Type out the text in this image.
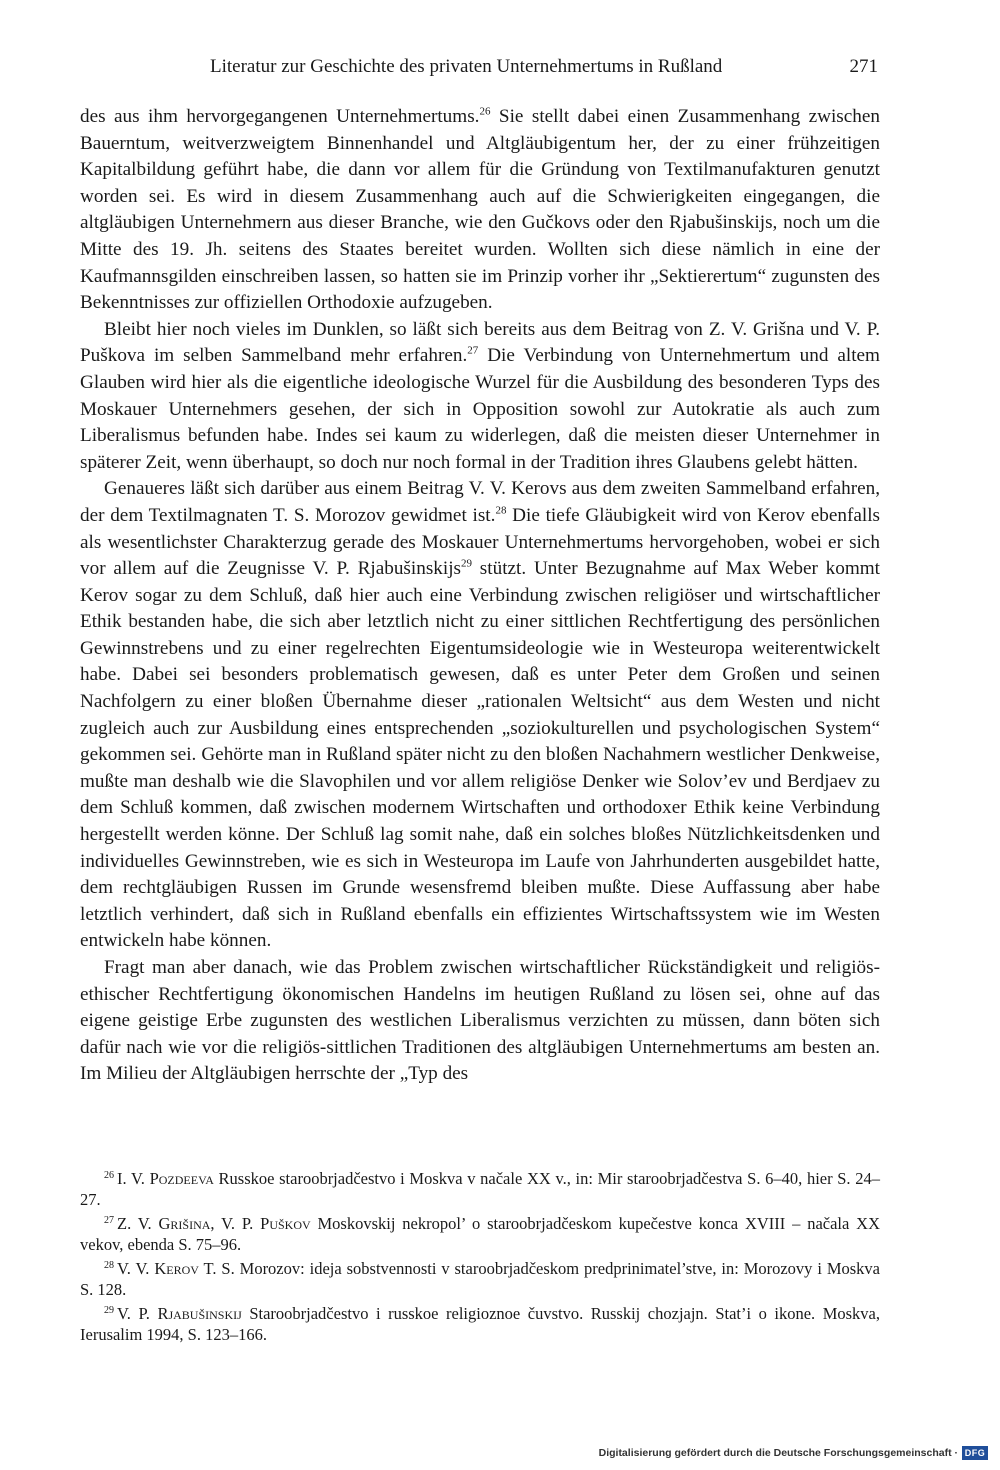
Literatur zur Geschichte des privaten Unternehmertums in Rußland	271

des aus ihm hervorgegangenen Unternehmertums.$^{26}$ Sie stellt dabei einen Zusammenhang zwischen Bauerntum, weitverzweigtem Binnenhandel und Altgläubigentum her, der zu einer frühzeitigen Kapitalbildung geführt habe, die dann vor allem für die Gründung von Textilmanufakturen genutzt worden sei. Es wird in diesem Zusammenhang auch auf die Schwierigkeiten eingegangen, die altgläubigen Unternehmern aus dieser Branche, wie den Gučkovs oder den Rjabušinskijs, noch um die Mitte des 19. Jh. seitens des Staates bereitet wurden. Wollten sich diese nämlich in eine der Kaufmannsgilden einschreiben lassen, so hatten sie im Prinzip vorher ihr „Sektierertum“ zugunsten des Bekenntnisses zur offiziellen Orthodoxie aufzugeben.

Bleibt hier noch vieles im Dunklen, so läßt sich bereits aus dem Beitrag von Z. V. Grišna und V. P. Puškova im selben Sammelband mehr erfahren.$^{27}$ Die Verbindung von Unternehmertum und altem Glauben wird hier als die eigentliche ideologische Wurzel für die Ausbildung des besonderen Typs des Moskauer Unternehmers gesehen, der sich in Opposition sowohl zur Autokratie als auch zum Liberalismus befunden habe. Indes sei kaum zu widerlegen, daß die meisten dieser Unternehmer in späterer Zeit, wenn überhaupt, so doch nur noch formal in der Tradition ihres Glaubens gelebt hätten.

Genaueres läßt sich darüber aus einem Beitrag V. V. Kerovs aus dem zweiten Sammelband erfahren, der dem Textilmagnaten T. S. Morozov gewidmet ist.$^{28}$ Die tiefe Gläubigkeit wird von Kerov ebenfalls als wesentlichster Charakterzug gerade des Moskauer Unternehmertums hervorgehoben, wobei er sich vor allem auf die Zeugnisse V. P. Rjabušinskijs$^{29}$ stützt. Unter Bezugnahme auf Max Weber kommt Kerov sogar zu dem Schluß, daß hier auch eine Verbindung zwischen religiöser und wirtschaftlicher Ethik bestanden habe, die sich aber letztlich nicht zu einer sittlichen Rechtfertigung des persönlichen Gewinnstrebens und zu einer regelrechten Eigentumsideologie wie in Westeuropa weiterentwickelt habe. Dabei sei besonders problematisch gewesen, daß es unter Peter dem Großen und seinen Nachfolgern zu einer bloßen Übernahme dieser „rationalen Weltsicht“ aus dem Westen und nicht zugleich auch zur Ausbildung eines entsprechenden „soziokulturellen und psychologischen System“ gekommen sei. Gehörte man in Rußland später nicht zu den bloßen Nachahmern westlicher Denkweise, mußte man deshalb wie die Slavophilen und vor allem religiöse Denker wie Solov’ev und Berdjaev zu dem Schluß kommen, daß zwischen modernem Wirtschaften und orthodoxer Ethik keine Verbindung hergestellt werden könne. Der Schluß lag somit nahe, daß ein solches bloßes Nützlichkeitsdenken und individuelles Gewinnstreben, wie es sich in Westeuropa im Laufe von Jahrhunderten ausgebildet hatte, dem rechtgläubigen Russen im Grunde wesensfremd bleiben mußte. Diese Auffassung aber habe letztlich verhindert, daß sich in Rußland ebenfalls ein effizientes Wirtschaftssystem wie im Westen entwickeln habe können.

Fragt man aber danach, wie das Problem zwischen wirtschaftlicher Rückständigkeit und religiös-ethischer Rechtfertigung ökonomischen Handelns im heutigen Rußland zu lösen sei, ohne auf das eigene geistige Erbe zugunsten des westlichen Liberalismus verzichten zu müssen, dann böten sich dafür nach wie vor die religiös-sittlichen Traditionen des altgläubigen Unternehmertums am besten an. Im Milieu der Altgläubigen herrschte der „Typ des

$^{26}$ I. V. Pozdeeva Russkoe staroobrjadčestvo i Moskva v načale XX v., in: Mir staroobrjadčestva S. 6–40, hier S. 24–27.

$^{27}$ Z. V. Grišina, V. P. Puškov Moskovskij nekropol’ o staroobrjadčeskom kupečestve konca XVIII – načala XX vekov, ebenda S. 75–96.

$^{28}$ V. V. Kerov T. S. Morozov: ideja sobstvennosti v staroobrjadčeskom predprinimatel’stve, in: Morozovy i Moskva S. 128.

$^{29}$ V. P. Rjabušinskij Staroobrjadčestvo i russkoe religioznoe čuvstvo. Russkij chozjajn. Stat’i o ikone. Moskva, Ierusalim 1994, S. 123–166.

Digitalisierung gefördert durch die Deutsche Forschungsgemeinschaft · DFG
